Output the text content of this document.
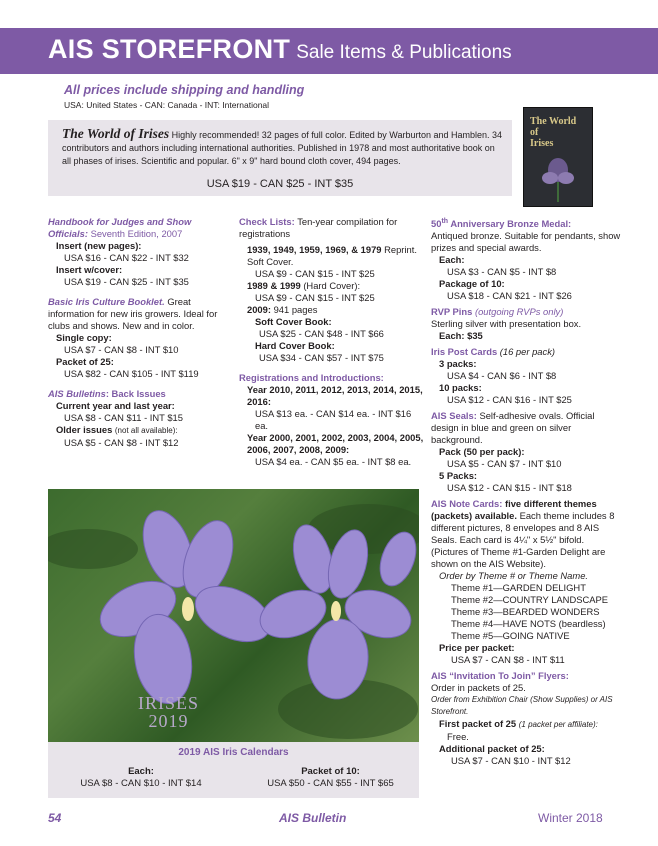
AIS STOREFRONT Sale Items & Publications
All prices include shipping and handling
USA: United States - CAN: Canada - INT: International
The World of Irises Highly recommended! 32 pages of full color. Edited by Warburton and Hamblen. 34 contributors and authors including international authorities. Published in 1978 and most authoritative book on all phases of irises. Scientific and popular. 6" x 9" hard bound cloth cover, 494 pages.
USA $19 - CAN $25 - INT $35
The World
of
Irises
Handbook for Judges and Show Officials: Seventh Edition, 2007
Insert (new pages):
USA $16 - CAN $22 - INT $32
Insert w/cover:
USA $19 - CAN $25 - INT $35
Basic Iris Culture Booklet. Great information for new iris growers. Ideal for clubs and shows. New and in color.
Single copy:
USA $7 - CAN $8 - INT $10
Packet of 25:
USA $82 - CAN $105 - INT $119
AIS Bulletins: Back Issues
Current year and last year:
USA $8 - CAN $11 - INT $15
Older issues (not all available):
USA $5 - CAN $8 - INT $12
Check Lists: Ten-year compilation for registrations
1939, 1949, 1959, 1969, & 1979 Reprint. Soft Cover.
USA $9 - CAN $15 - INT $25
1989 & 1999 (Hard Cover):
USA $9 - CAN $15 - INT $25
2009: 941 pages
Soft Cover Book:
USA $25 - CAN $48 - INT $66
Hard Cover Book:
USA $34 - CAN $57 - INT $75
Registrations and Introductions:
Year 2010, 2011, 2012, 2013, 2014, 2015, 2016:
USA $13 ea. - CAN $14 ea. - INT $16 ea.
Year 2000, 2001, 2002, 2003, 2004, 2005, 2006, 2007, 2008, 2009:
USA $4 ea. - CAN $5 ea. - INT $8 ea.
50th Anniversary Bronze Medal:
Antiqued bronze. Suitable for pendants, show prizes and special awards.
Each:
USA $3 - CAN $5 - INT $8
Package of 10:
USA $18 - CAN $21 - INT $26
RVP Pins (outgoing RVPs only)
Sterling silver with presentation box.
Each: $35
Iris Post Cards (16 per pack)
3 packs:
USA $4 - CAN $6 - INT $8
10 packs:
USA $12 - CAN $16 - INT $25
AIS Seals: Self-adhesive ovals. Official design in blue and green on silver background.
Pack (50 per pack):
USA $5 - CAN $7 - INT $10
5 Packs:
USA $12 - CAN $15 - INT $18
AIS Note Cards: five different themes (packets) available. Each theme includes 8 different pictures, 8 envelopes and 8 AIS Seals. Each card is 4¼" x 5½" bifold. (Pictures of Theme #1-Garden Delight are shown on the AIS Website).
Order by Theme # or Theme Name.
Theme #1—GARDEN DELIGHT
Theme #2—COUNTRY LANDSCAPE
Theme #3—BEARDED WONDERS
Theme #4—HAVE NOTS (beardless)
Theme #5—GOING NATIVE
Price per packet:
USA $7 - CAN $8 - INT $11
AIS “Invitation To Join” Flyers:
Order in packets of 25.
Order from Exhibition Chair (Show Supplies) or AIS Storefront.
First packet of 25 (1 packet per affiliate):
Free.
Additional packet of 25:
USA $7 - CAN $10 - INT $12
IRISES
2019
2019 AIS Iris Calendars
Each:
USA $8 - CAN $10 - INT $14
Packet of 10:
USA $50 - CAN $55 - INT $65
54	AIS Bulletin	Winter 2018
